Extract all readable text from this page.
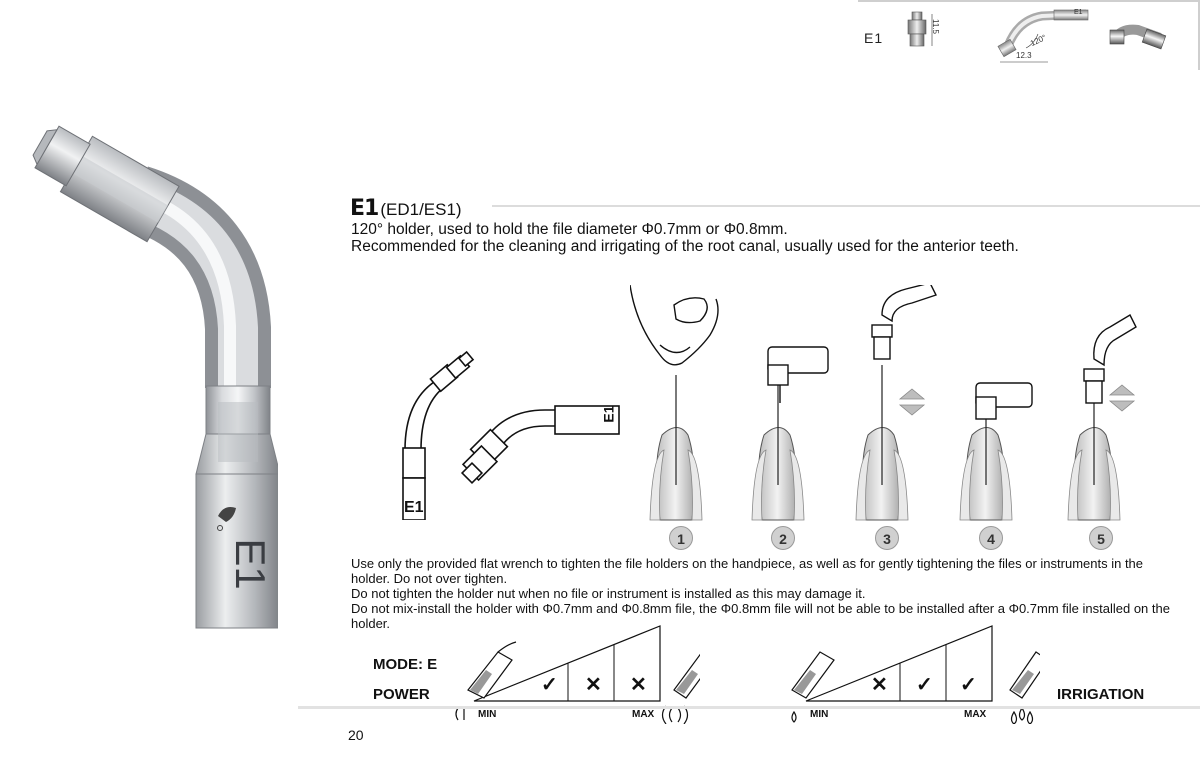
E1
11.5
E1
120°
12.3
E1
E1 (ED1/ES1)
120° holder, used to hold the file diameter Φ0.7mm or Φ0.8mm.
Recommended for the cleaning and irrigating of the root canal, usually used for the anterior teeth.
E1
E1
1	2	3	4	5

Use only the provided flat wrench to tighten the file holders on the handpiece, as well as for gently tightening the files or instruments in the holder. Do not over tighten.

Do not tighten the holder nut when no file or instrument is installed as this may damage it.

Do not mix-install the holder with Φ0.7mm and Φ0.8mm file, the Φ0.8mm file will not be able to be installed after a Φ0.7mm file installed on the holder.

MODE: E
POWER	✓ ✕ ✕
MIN	MAX
✕ ✓ ✓
MIN	MAX
IRRIGATION
20
